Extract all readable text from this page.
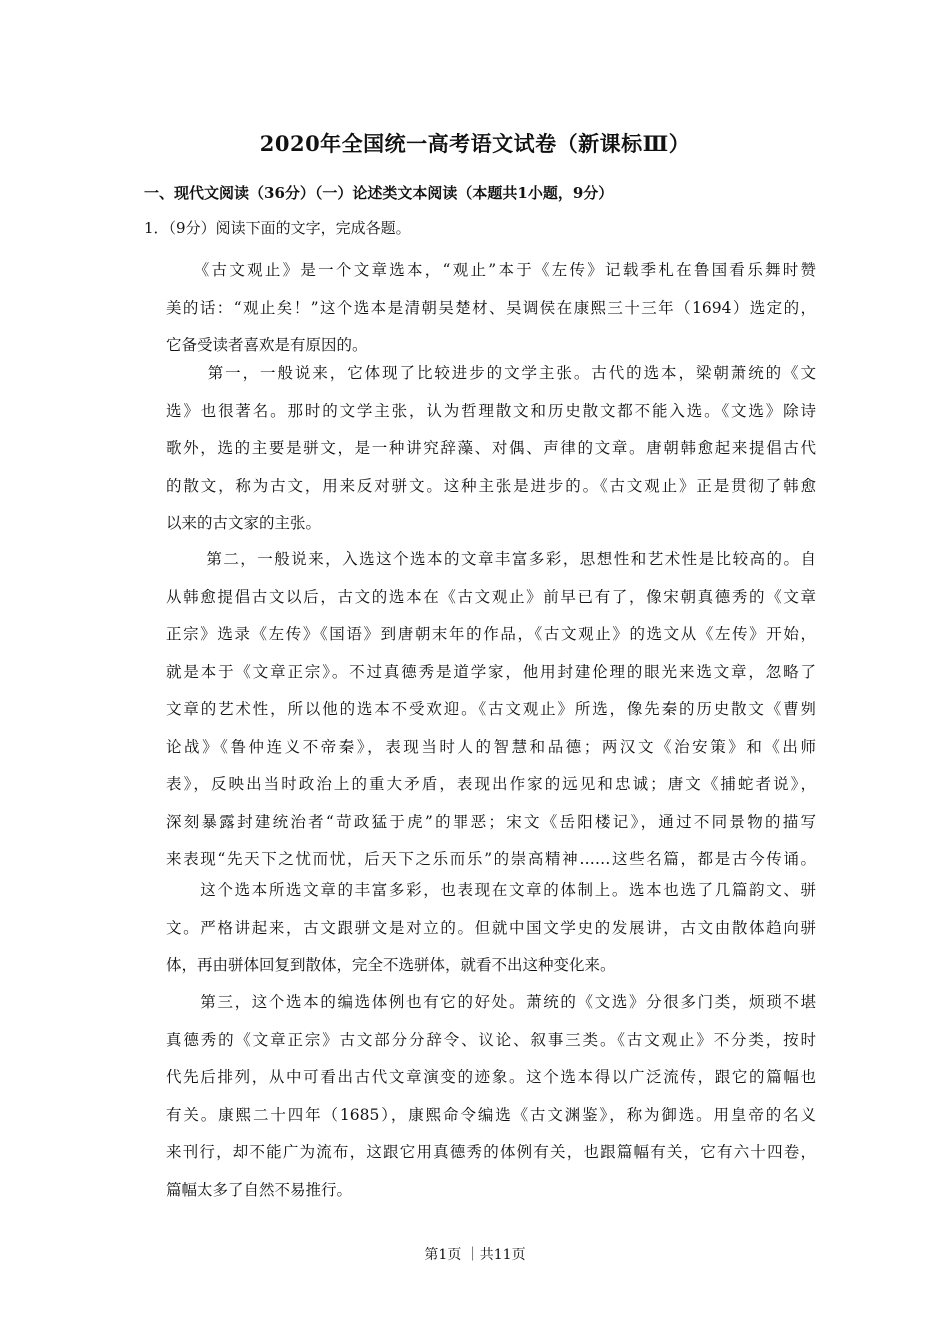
2020年全国统一高考语文试卷（新课标Ⅲ）
一、现代文阅读（36分）（一）论述类文本阅读（本题共1小题，9分）
1．（9分）阅读下面的文字，完成各题。
　　《古文观止》是一个文章选本，“观止”本于《左传》记载季札在鲁国看乐舞时赞
美的话：“观止矣！”这个选本是清朝吴楚材、吴调侯在康熙三十三年（1694）选定的，
它备受读者喜欢是有原因的。
　　 第一，一般说来，它体现了比较进步的文学主张。古代的选本，梁朝萧统的《文
选》也很著名。那时的文学主张，认为哲理散文和历史散文都不能入选。《文选》除诗
歌外，选的主要是骈文，是一种讲究辞藻、对偶、声律的文章。唐朝韩愈起来提倡古代
的散文，称为古文，用来反对骈文。这种主张是进步的。《古文观止》正是贯彻了韩愈
以来的古文家的主张。
　　 第二，一般说来，入选这个选本的文章丰富多彩，思想性和艺术性是比较高的。自
从韩愈提倡古文以后，古文的选本在《古文观止》前早已有了，像宋朝真德秀的《文章
正宗》选录《左传》《国语》到唐朝末年的作品，《古文观止》的选文从《左传》开始，
就是本于《文章正宗》。不过真德秀是道学家，他用封建伦理的眼光来选文章，忽略了
文章的艺术性，所以他的选本不受欢迎。《古文观止》所选，像先秦的历史散文《曹刿
论战》《鲁仲连义不帝秦》，表现当时人的智慧和品德；两汉文《治安策》和《出师
表》，反映出当时政治上的重大矛盾，表现出作家的远见和忠诚；唐文《捕蛇者说》，
深刻暴露封建统治者“苛政猛于虎”的罪恶；宋文《岳阳楼记》，通过不同景物的描写
来表现“先天下之忧而忧，后天下之乐而乐”的崇高精神……这些名篇，都是古今传诵。
　　这个选本所选文章的丰富多彩，也表现在文章的体制上。选本也选了几篇韵文、骈
文。严格讲起来，古文跟骈文是对立的。但就中国文学史的发展讲，古文由散体趋向骈
体，再由骈体回复到散体，完全不选骈体，就看不出这种变化来。
　　第三，这个选本的编选体例也有它的好处。萧统的《文选》分很多门类，烦琐不堪
真德秀的《文章正宗》古文部分分辞令、议论、叙事三类。《古文观止》不分类，按时
代先后排列，从中可看出古代文章演变的迹象。这个选本得以广泛流传，跟它的篇幅也
有关。康熙二十四年（1685），康熙命令编选《古文渊鉴》，称为御选。用皇帝的名义
来刊行，却不能广为流布，这跟它用真德秀的体例有关，也跟篇幅有关，它有六十四卷，
篇幅太多了自然不易推行。
第1页 ｜共11页
